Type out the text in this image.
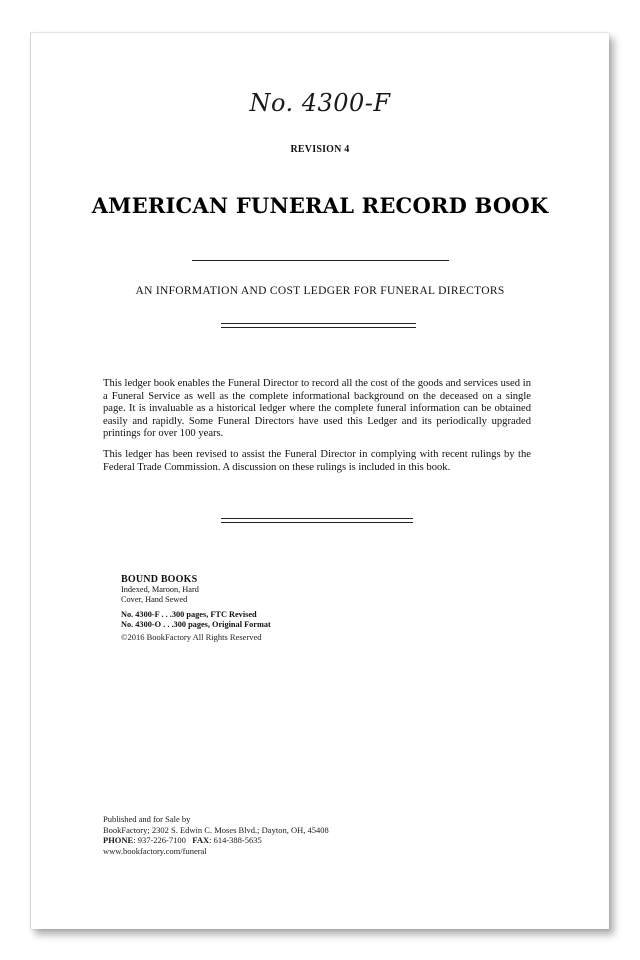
No. 4300-F
REVISION 4
AMERICAN FUNERAL RECORD BOOK
AN INFORMATION AND COST LEDGER FOR FUNERAL DIRECTORS
This ledger book enables the Funeral Director to record all the cost of the goods and services used in a Funeral Service as well as the complete informational background on the deceased on a single page. It is invaluable as a historical ledger where the complete funeral information can be obtained easily and rapidly. Some Funeral Directors have used this Ledger and its periodically upgraded printings for over 100 years.
This ledger has been revised to assist the Funeral Director in complying with recent rulings by the Federal Trade Commission. A discussion on these rulings is included in this book.
BOUND BOOKS
Indexed, Maroon, Hard
Cover, Hand Sewed
No. 4300-F . . .300 pages, FTC Revised
No. 4300-O . . .300 pages, Original Format
©2016 BookFactory All Rights Reserved
Published and for Sale by
BookFactory; 2302 S. Edwin C. Moses Blvd.; Dayton, OH, 45408
PHONE: 937-226-7100 FAX: 614-388-5635
www.bookfactory.com/funeral
